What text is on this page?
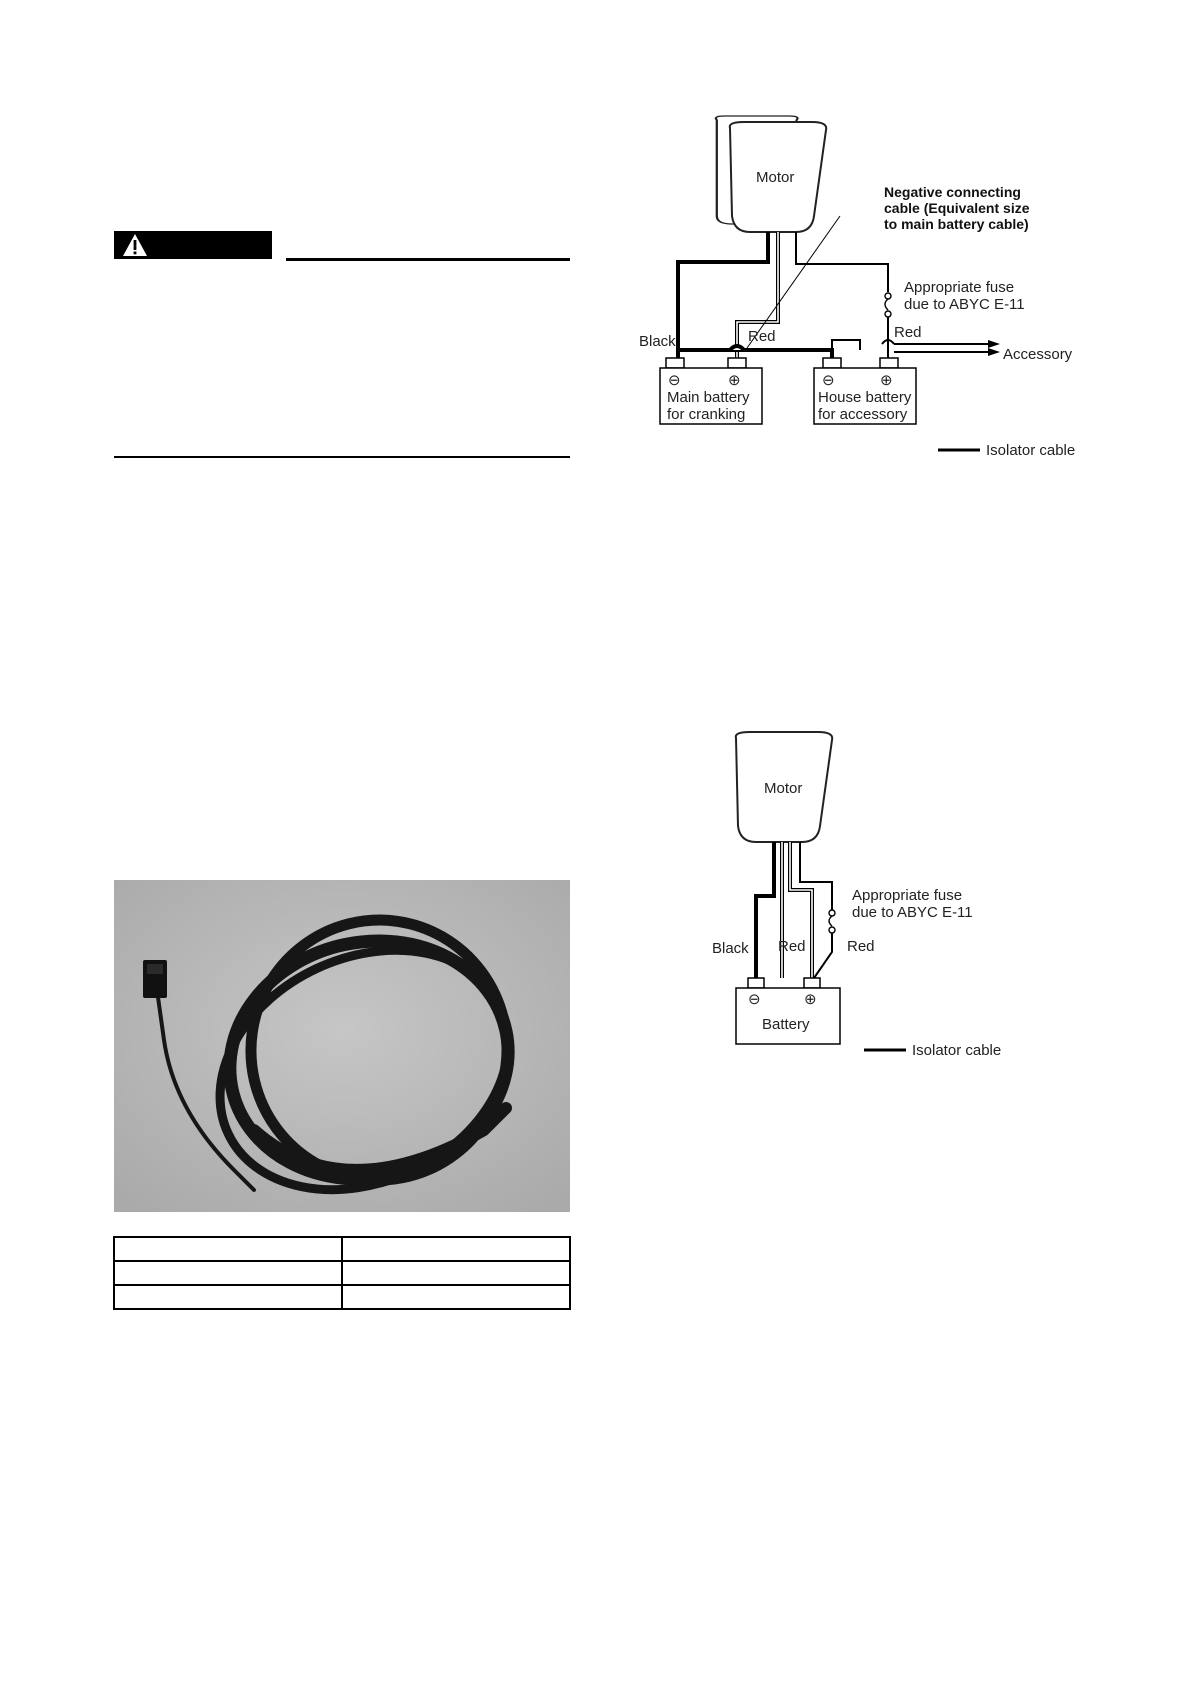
Motor
⊖	⊕
Main battery
for cranking
⊖	⊕
House battery
for accessory
Negative connecting
cable (Equivalent size
to main battery cable)
Appropriate fuse
due to ABYC E-11
Black	Red	Red
Accessory
Isolator cable
Motor
⊖	⊕
Battery
Appropriate fuse
due to ABYC E-11
Black Red	Red
Isolator cable
